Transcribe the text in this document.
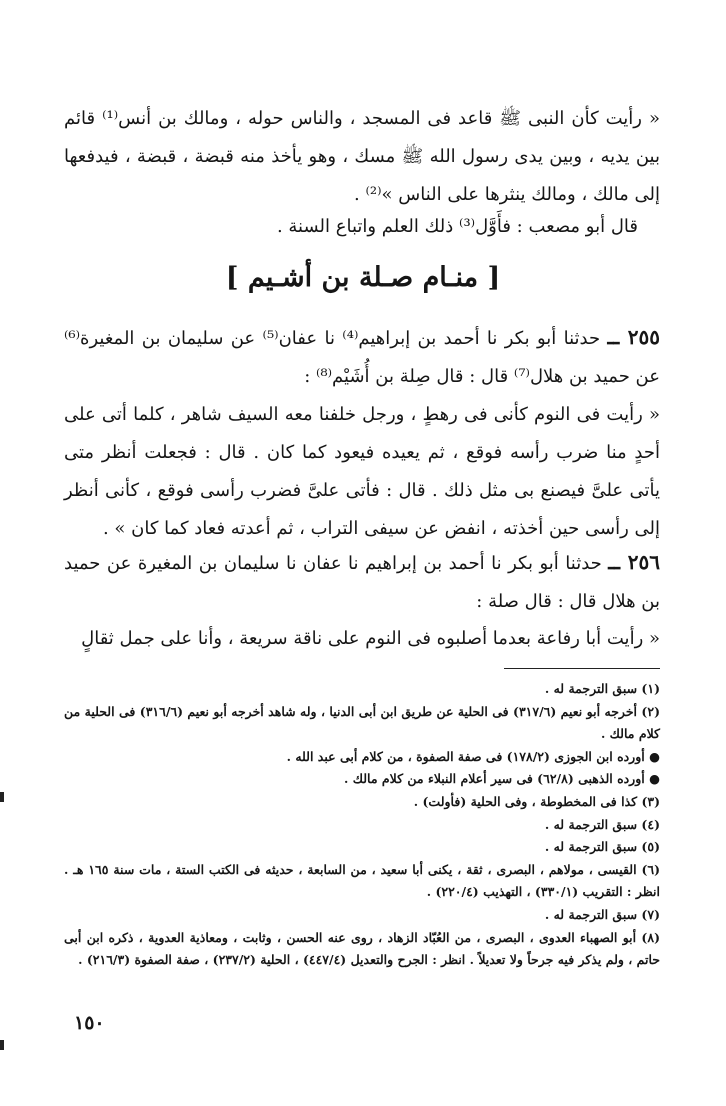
« رأيت كأن النبى ﷺ قاعد فى المسجد ، والناس حوله ، ومالك بن أنس⁽¹⁾ قائم بين يديه ، وبين يدى رسول الله ﷺ مسك ، وهو يأخذ منه قبضة ، قبضة ، فيدفعها إلى مالك ، ومالك ينثرها على الناس »⁽²⁾ .

قال أبو مصعب : فأَوَّل⁽³⁾ ذلك العلم واتباع السنة .

[ منـام صـلة بن أشـيم ]

٢٥٥ ــ حدثنا أبو بكر نا أحمد بن إبراهيم⁽⁴⁾ نا عفان⁽⁵⁾ عن سليمان بن المغيرة⁽⁶⁾ عن حميد بن هلال⁽⁷⁾ قال : قال صِلة بن أُشَيْم⁽⁸⁾ :

« رأيت فى النوم كأنى فى رهطٍ ، ورجل خلفنا معه السيف شاهر ، كلما أتى على أحدٍ منا ضرب رأسه فوقع ، ثم يعيده فيعود كما كان . قال : فجعلت أنظر متى يأتى علىَّ فيصنع بى مثل ذلك . قال : فأتى علىَّ فضرب رأسى فوقع ، كأنى أنظر إلى رأسى حين أخذته ، انفض عن سيفى التراب ، ثم أعدته فعاد كما كان » .

٢٥٦ ــ حدثنا أبو بكر نا أحمد بن إبراهيم نا عفان نا سليمان بن المغيرة عن حميد بن هلال قال : قال صلة :

« رأيت أبا رفاعة بعدما أصلبوه فى النوم على ناقة سريعة ، وأنا على جمل ثقالٍ

(١) سبق الترجمة له .
(٢) أخرجه أبو نعيم (٣١٧/٦) فى الحلية عن طريق ابن أبى الدنيا ، وله شاهد أخرجه أبو نعيم (٣١٦/٦) فى الحلية من كلام مالك .
● أورده ابن الجوزى (١٧٨/٢) فى صفة الصفوة ، من كلام أبى عبد الله .
● أورده الذهبى (٦٢/٨) فى سير أعلام النبلاء من كلام مالك .
(٣) كذا فى المخطوطة ، وفى الحلية (فأولت) .
(٤) سبق الترجمة له .
(٥) سبق الترجمة له .
(٦) القيسى ، مولاهم ، البصرى ، ثقة ، يكنى أبا سعيد ، من السابعة ، حديثه فى الكتب الستة ، مات سنة ١٦٥ هـ . انظر : التقريب (٣٣٠/١) ، التهذيب (٢٢٠/٤) .
(٧) سبق الترجمة له .
(٨) أبو الصهباء العدوى ، البصرى ، من العُبّاد الزهاد ، روى عنه الحسن ، وثابت ، ومعاذية العدوية ، ذكره ابن أبى حاتم ، ولم يذكر فيه جرحاً ولا تعديلاً . انظر : الجرح والتعديل (٤٤٧/٤) ، الحلية (٢٣٧/٢) ، صفة الصفوة (٢١٦/٣) .
١٥٠
